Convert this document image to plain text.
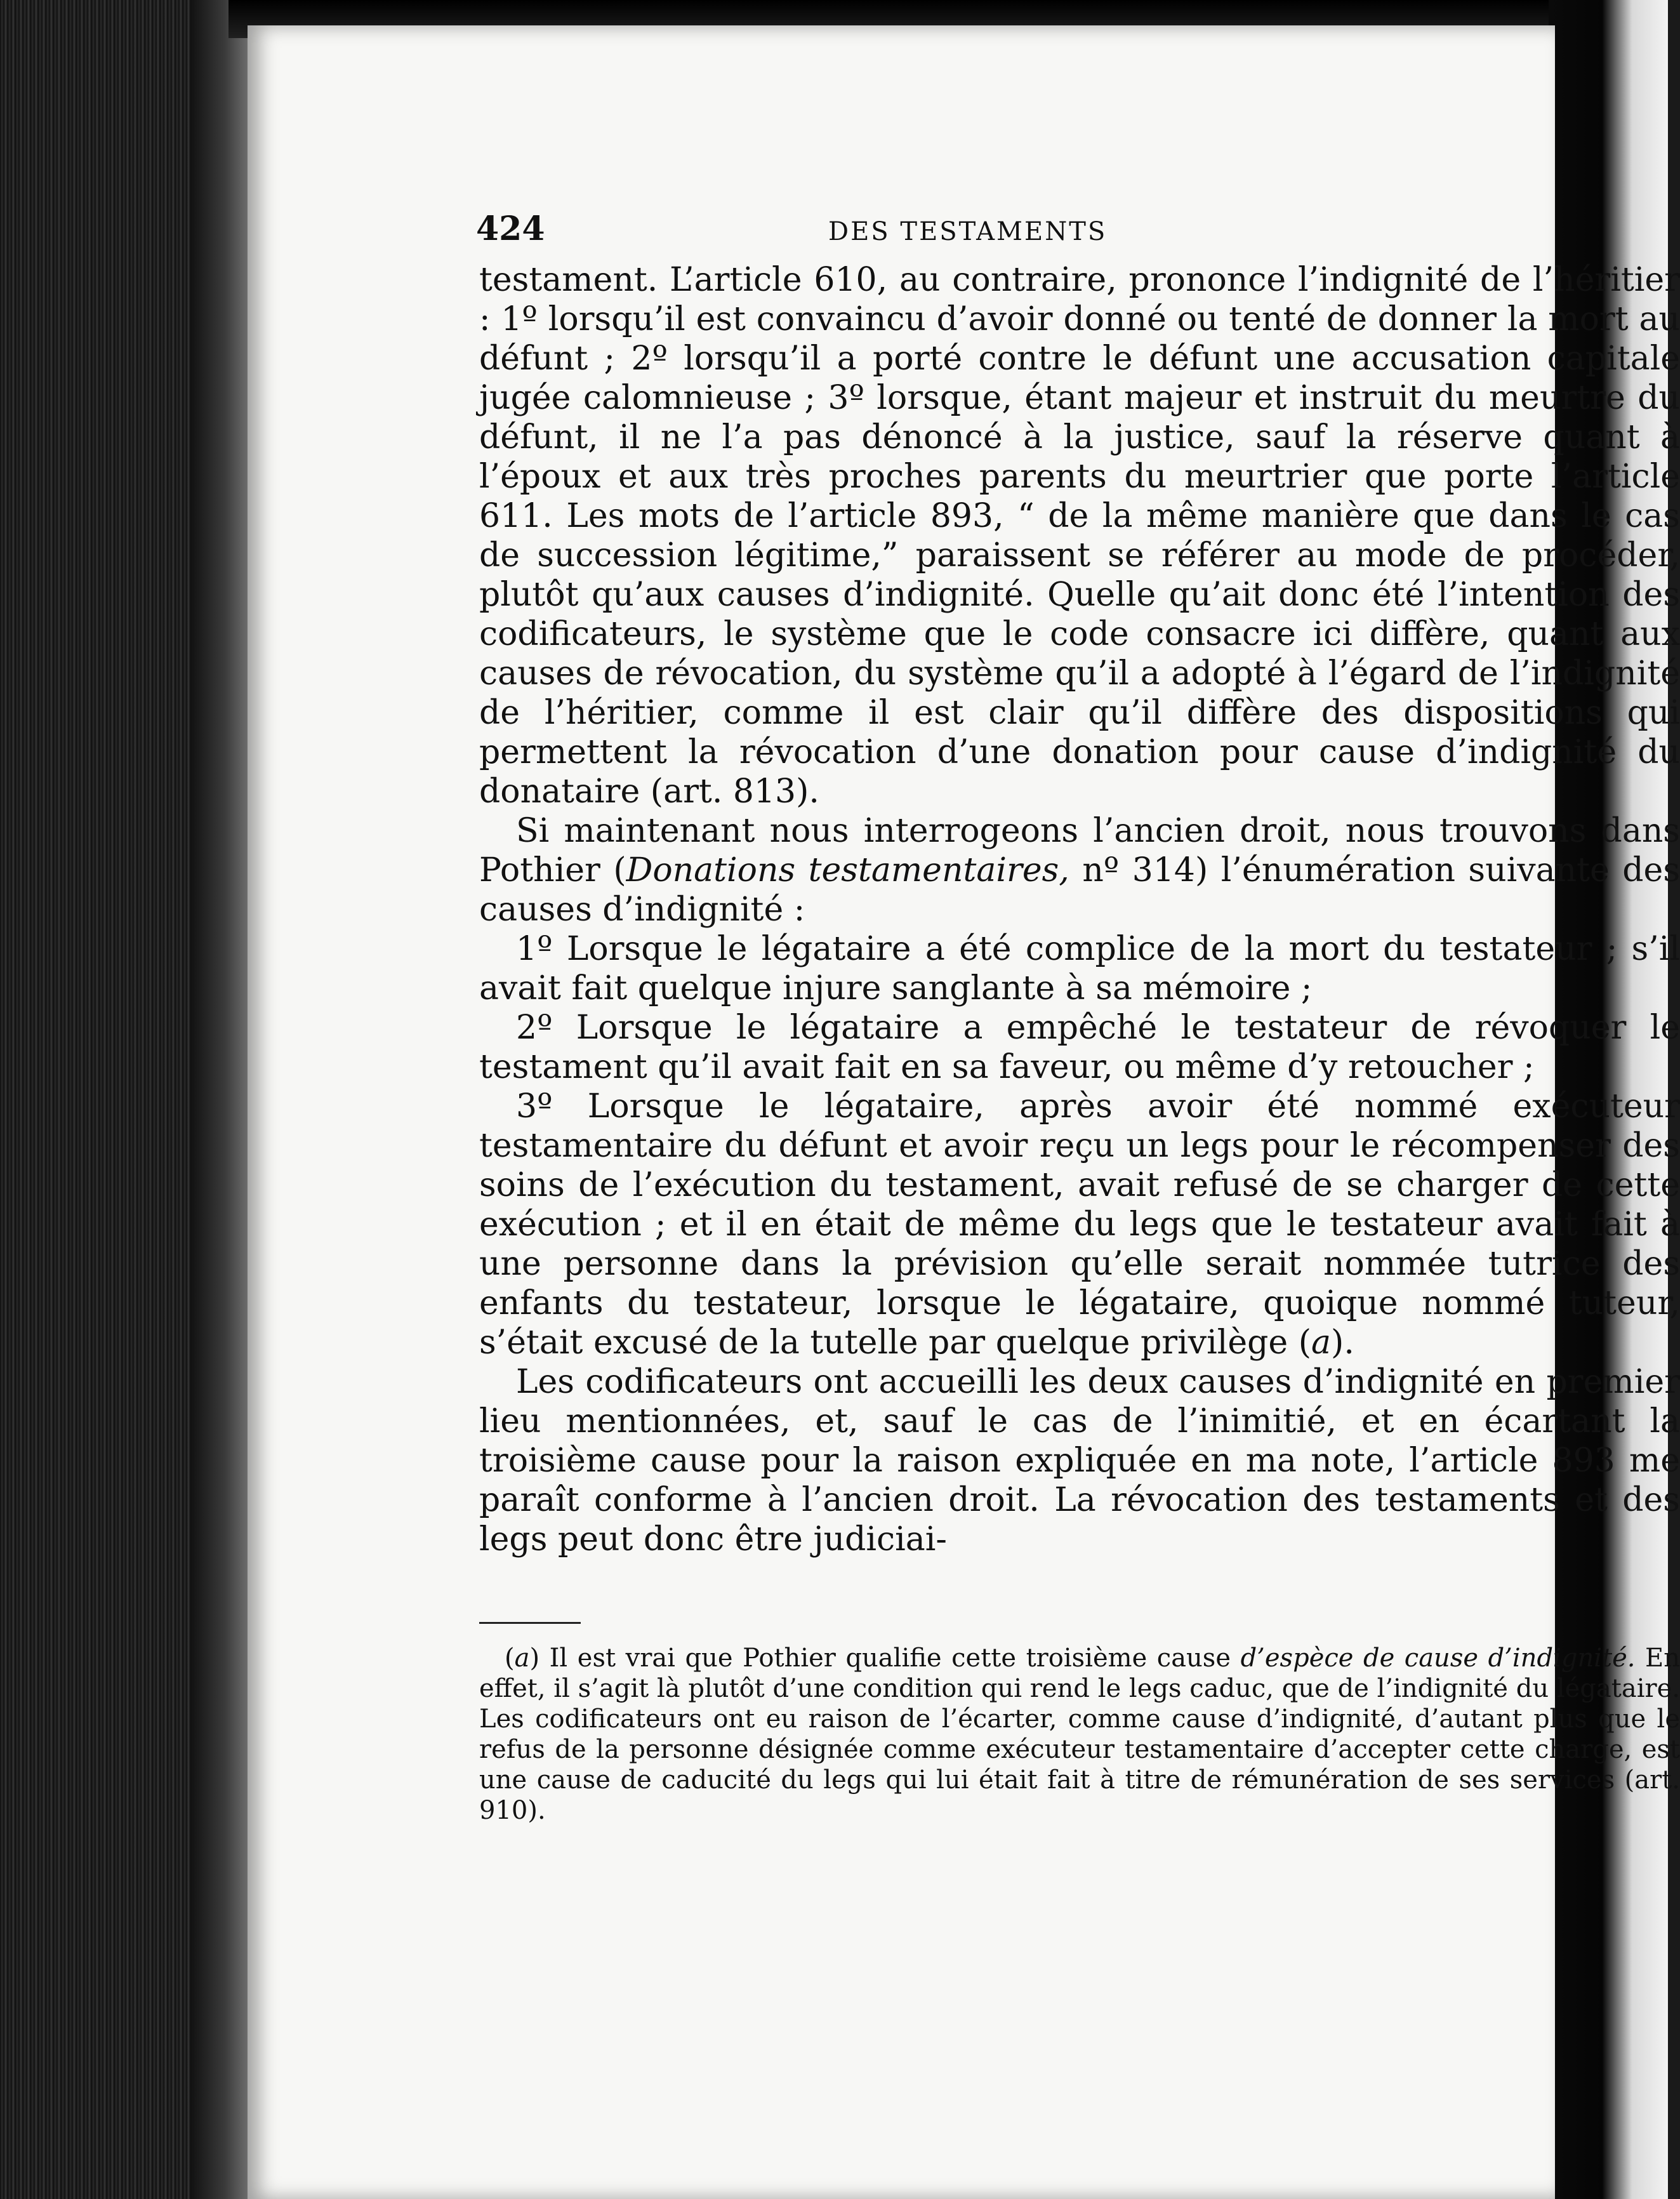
424	DES TESTAMENTS

testament. L’article 610, au contraire, prononce l’indignité de l’héritier : 1º lorsqu’il est convaincu d’avoir donné ou tenté de donner la mort au défunt ; 2º lorsqu’il a porté contre le défunt une accusation capitale jugée calomnieuse ; 3º lorsque, étant majeur et instruit du meurtre du défunt, il ne l’a pas dénoncé à la justice, sauf la réserve quant à l’époux et aux très proches parents du meurtrier que porte l’article 611. Les mots de l’article 893, “ de la même manière que dans le cas de succession légitime,” paraissent se référer au mode de procéder, plutôt qu’aux causes d’indignité. Quelle qu’ait donc été l’intention des codificateurs, le système que le code consacre ici diffère, quant aux causes de révocation, du système qu’il a adopté à l’égard de l’indignité de l’héritier, comme il est clair qu’il diffère des dispositions qui permettent la révocation d’une donation pour cause d’indignité du donataire (art. 813).

Si maintenant nous interrogeons l’ancien droit, nous trouvons dans Pothier (Donations testamentaires, nº 314) l’énumération suivante des causes d’indignité :

1º Lorsque le légataire a été complice de la mort du testateur ; s’il avait fait quelque injure sanglante à sa mémoire ;

2º Lorsque le légataire a empêché le testateur de révoquer le testament qu’il avait fait en sa faveur, ou même d’y retoucher ;

3º Lorsque le légataire, après avoir été nommé exécuteur testamentaire du défunt et avoir reçu un legs pour le récompenser des soins de l’exécution du testament, avait refusé de se charger de cette exécution ; et il en était de même du legs que le testateur avait fait à une personne dans la prévision qu’elle serait nommée tutrice des enfants du testateur, lorsque le légataire, quoique nommé tuteur, s’était excusé de la tutelle par quelque privilège (a).

Les codificateurs ont accueilli les deux causes d’indignité en premier lieu mentionnées, et, sauf le cas de l’inimitié, et en écartant la troisième cause pour la raison expliquée en ma note, l’article 893 me paraît conforme à l’ancien droit. La révocation des testaments et des legs peut donc être judiciai-

(a) Il est vrai que Pothier qualifie cette troisième cause d’espèce de cause d’indignité. En effet, il s’agit là plutôt d’une condition qui rend le legs caduc, que de l’indignité du légataire. Les codificateurs ont eu raison de l’écarter, comme cause d’indignité, d’autant plus que le refus de la personne désignée comme exécuteur testamentaire d’accepter cette charge, est une cause de caducité du legs qui lui était fait à titre de rémunération de ses services (art. 910).
